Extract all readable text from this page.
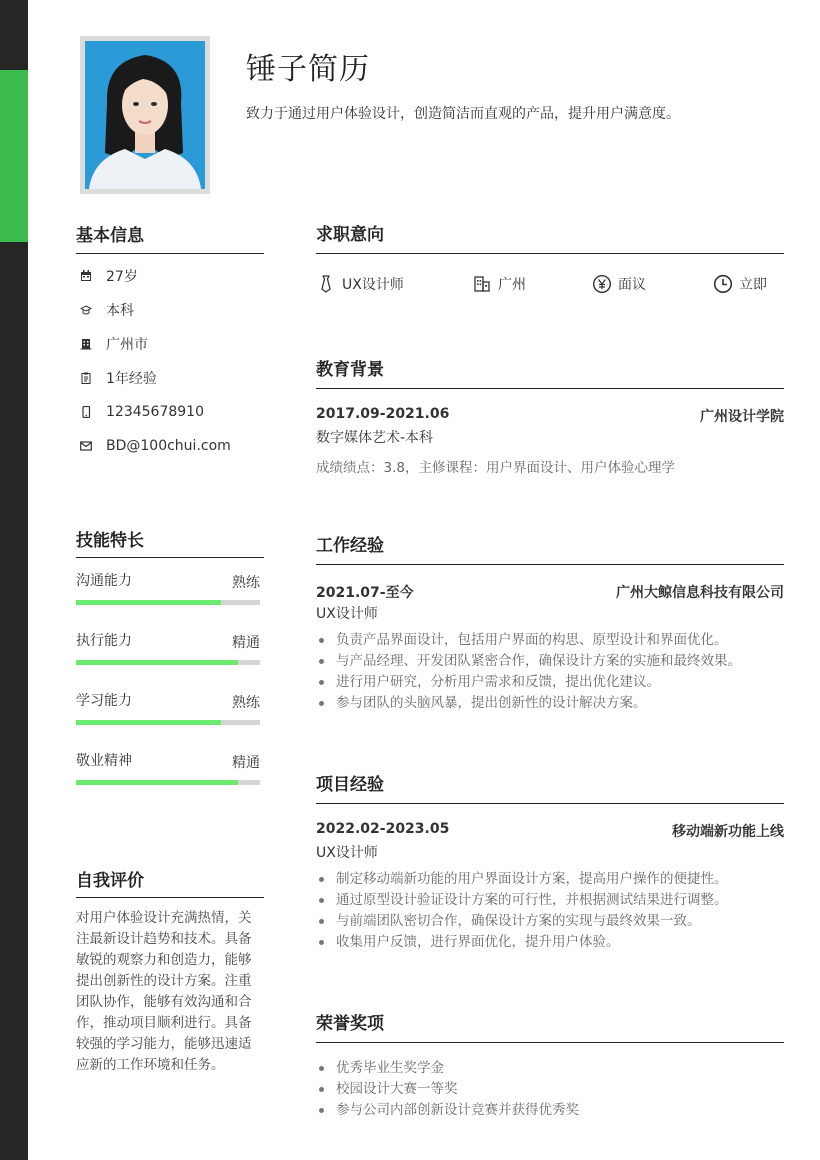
锤子简历
致力于通过用户体验设计，创造简洁而直观的产品，提升用户满意度。
基本信息
27岁
本科
广州市
1年经验
12345678910
BD@100chui.com
技能特长
沟通能力	熟练
执行能力	精通
学习能力	熟练
敬业精神	精通
自我评价
对用户体验设计充满热情，关注最新设计趋势和技术。具备敏锐的观察力和创造力，能够提出创新性的设计方案。注重团队协作，能够有效沟通和合作，推动项目顺利进行。具备较强的学习能力，能够迅速适应新的工作环境和任务。
求职意向
UX设计师	广州	面议	立即
教育背景
2017.09-2021.06	广州设计学院
数字媒体艺术-本科
成绩绩点：3.8，主修课程：用户界面设计、用户体验心理学
工作经验
2021.07-至今	广州大鲸信息科技有限公司
UX设计师
负责产品界面设计，包括用户界面的构思、原型设计和界面优化。
与产品经理、开发团队紧密合作，确保设计方案的实施和最终效果。
进行用户研究，分析用户需求和反馈，提出优化建议。
参与团队的头脑风暴，提出创新性的设计解决方案。
项目经验
2022.02-2023.05	移动端新功能上线
UX设计师
制定移动端新功能的用户界面设计方案，提高用户操作的便捷性。
通过原型设计验证设计方案的可行性，并根据测试结果进行调整。
与前端团队密切合作，确保设计方案的实现与最终效果一致。
收集用户反馈，进行界面优化，提升用户体验。
荣誉奖项
优秀毕业生奖学金
校园设计大赛一等奖
参与公司内部创新设计竞赛并获得优秀奖
